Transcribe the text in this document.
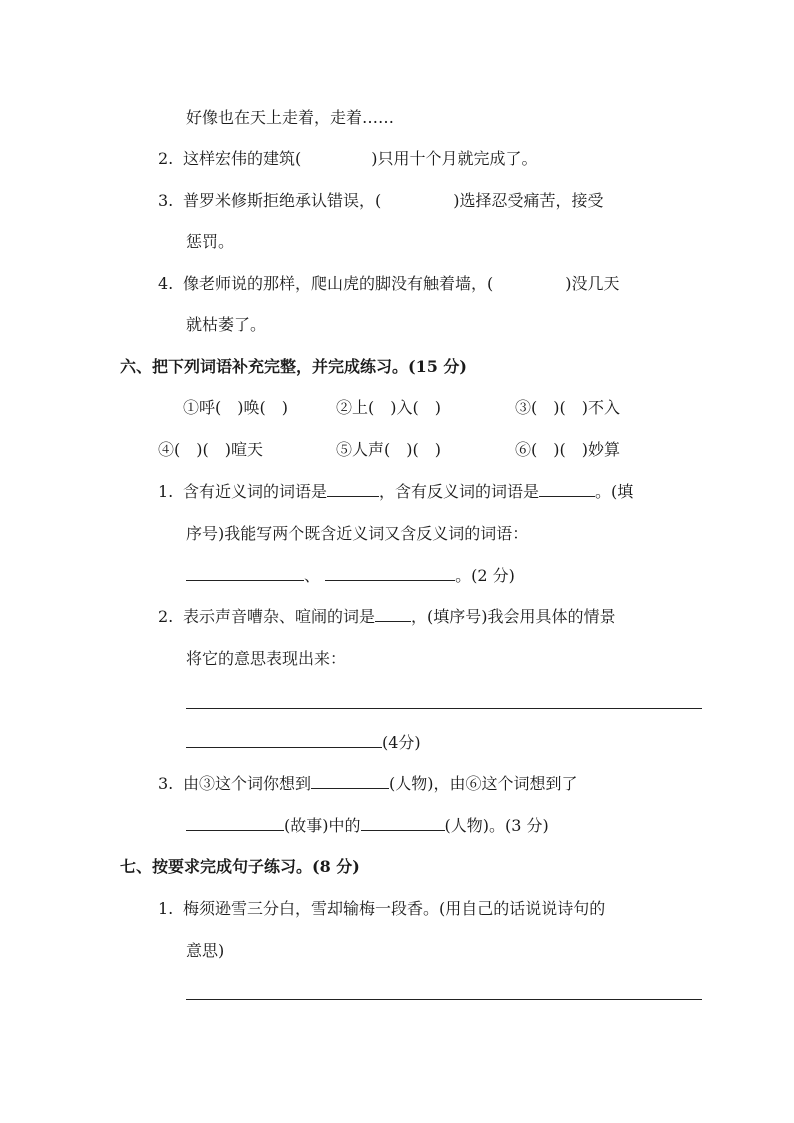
好像也在天上走着，走着……
2. 这样宏伟的建筑(	)只用十个月就完成了。
3. 普罗米修斯拒绝承认错误，(	)选择忍受痛苦，接受
惩罚。
4. 像老师说的那样，爬山虎的脚没有触着墙，(	)没几天
就枯萎了。
六、把下列词语补充完整，并完成练习。(15 分)
①呼(　)唤(　)	②上(　)入(　)	③(　)(　)不入
④(　)(　)喧天	⑤人声(　)(　)	⑥(　)(　)妙算
1. 含有近义词的词语是	，含有反义词的词语是	。(填
序号)我能写两个既含近义词又含反义词的词语：
、	。(2 分)
2. 表示声音嘈杂、喧闹的词是 ，(填序号)我会用具体的情景
将它的意思表现出来：
(4分)
3. 由③这个词你想到	(人物)，由⑥这个词想到了
(故事)中的	(人物)。(3 分)
七、按要求完成句子练习。(8 分)
1. 梅须逊雪三分白，雪却输梅一段香。(用自己的话说说诗句的
意思)
